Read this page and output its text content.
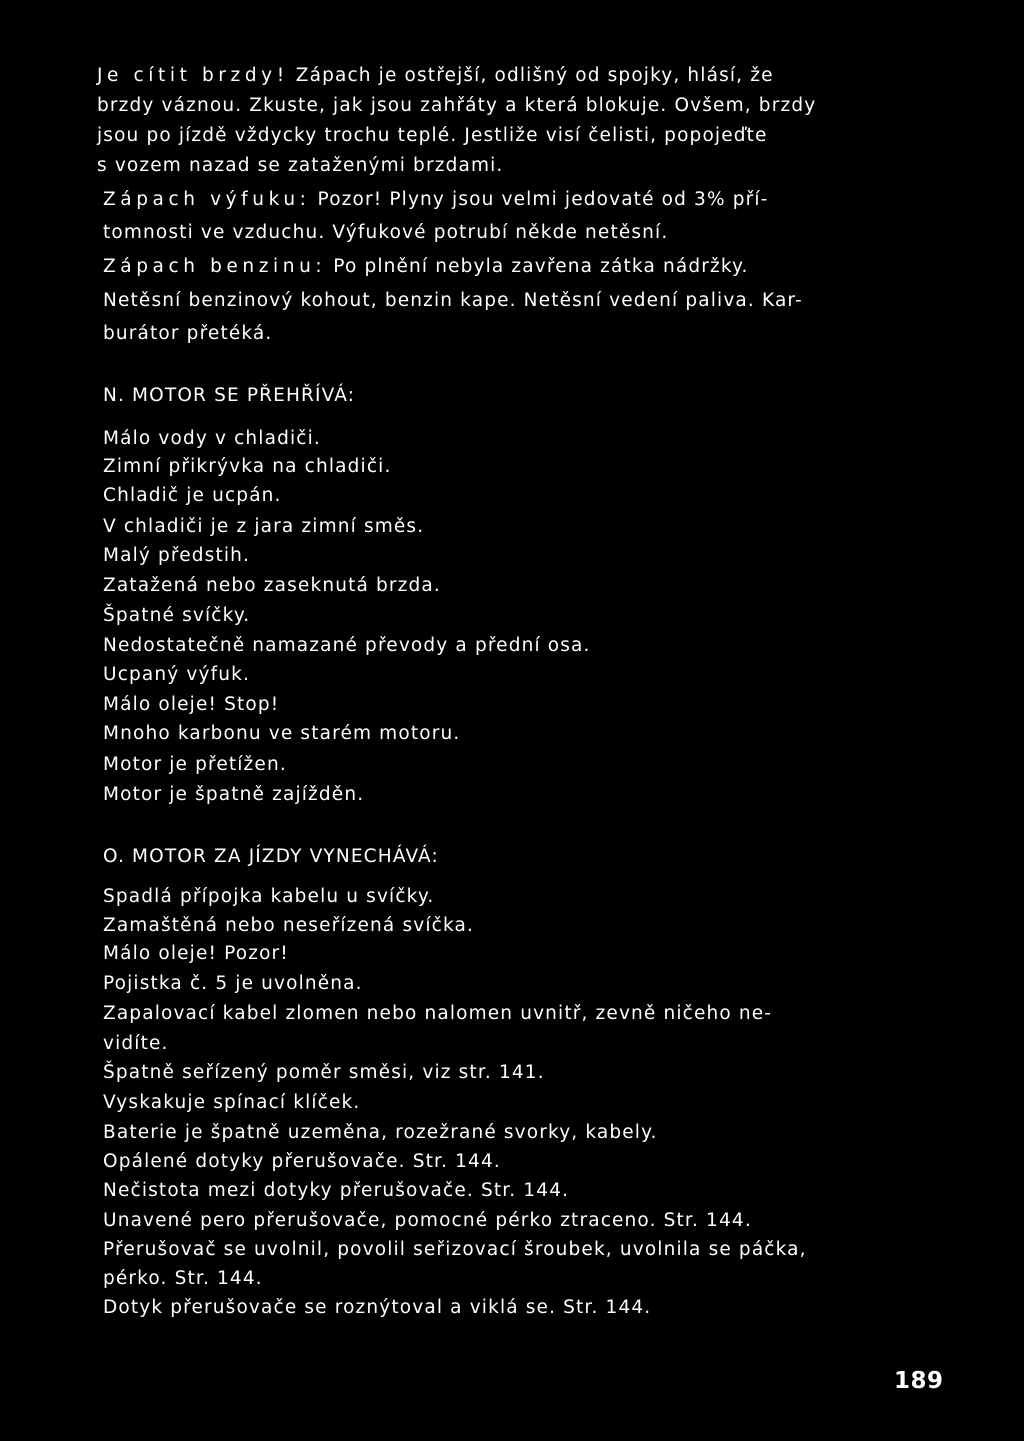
Je cítit brzdy! Zápach je ostřejší, odlišný od spojky, hlásí, že
brzdy váznou. Zkuste, jak jsou zahřáty a která blokuje. Ovšem, brzdy
jsou po jízdě vždycky trochu teplé. Jestliže visí čelisti, popojeďte
s vozem nazad se zataženými brzdami.
Zápach výfuku: Pozor! Plyny jsou velmi jedovaté od 3% pří-
tomnosti ve vzduchu. Výfukové potrubí někde netěsní.
Zápach benzinu: Po plnění nebyla zavřena zátka nádržky.
Netěsní benzinový kohout, benzin kape. Netěsní vedení paliva. Kar-
burátor přetéká.
N. MOTOR SE PŘEHŘÍVÁ:
Málo vody v chladiči.
Zimní přikrývka na chladiči.
Chladič je ucpán.
V chladiči je z jara zimní směs.
Malý předstih.
Zatažená nebo zaseknutá brzda.
Špatné svíčky.
Nedostatečně namazané převody a přední osa.
Ucpaný výfuk.
Málo oleje! Stop!
Mnoho karbonu ve starém motoru.
Motor je přetížen.
Motor je špatně zajížděn.
O. MOTOR ZA JÍZDY VYNECHÁVÁ:
Spadlá přípojka kabelu u svíčky.
Zamaštěná nebo neseřízená svíčka.
Málo oleje! Pozor!
Pojistka č. 5 je uvolněna.
Zapalovací kabel zlomen nebo nalomen uvnitř, zevně ničeho ne-
vidíte.
Špatně seřízený poměr směsi, viz str. 141.
Vyskakuje spínací klíček.
Baterie je špatně uzeměna, rozežrané svorky, kabely.
Opálené dotyky přerušovače. Str. 144.
Nečistota mezi dotyky přerušovače. Str. 144.
Unavené pero přerušovače, pomocné pérko ztraceno. Str. 144.
Přerušovač se uvolnil, povolil seřizovací šroubek, uvolnila se páčka,
pérko. Str. 144.
Dotyk přerušovače se roznýtoval a viklá se. Str. 144.
189
